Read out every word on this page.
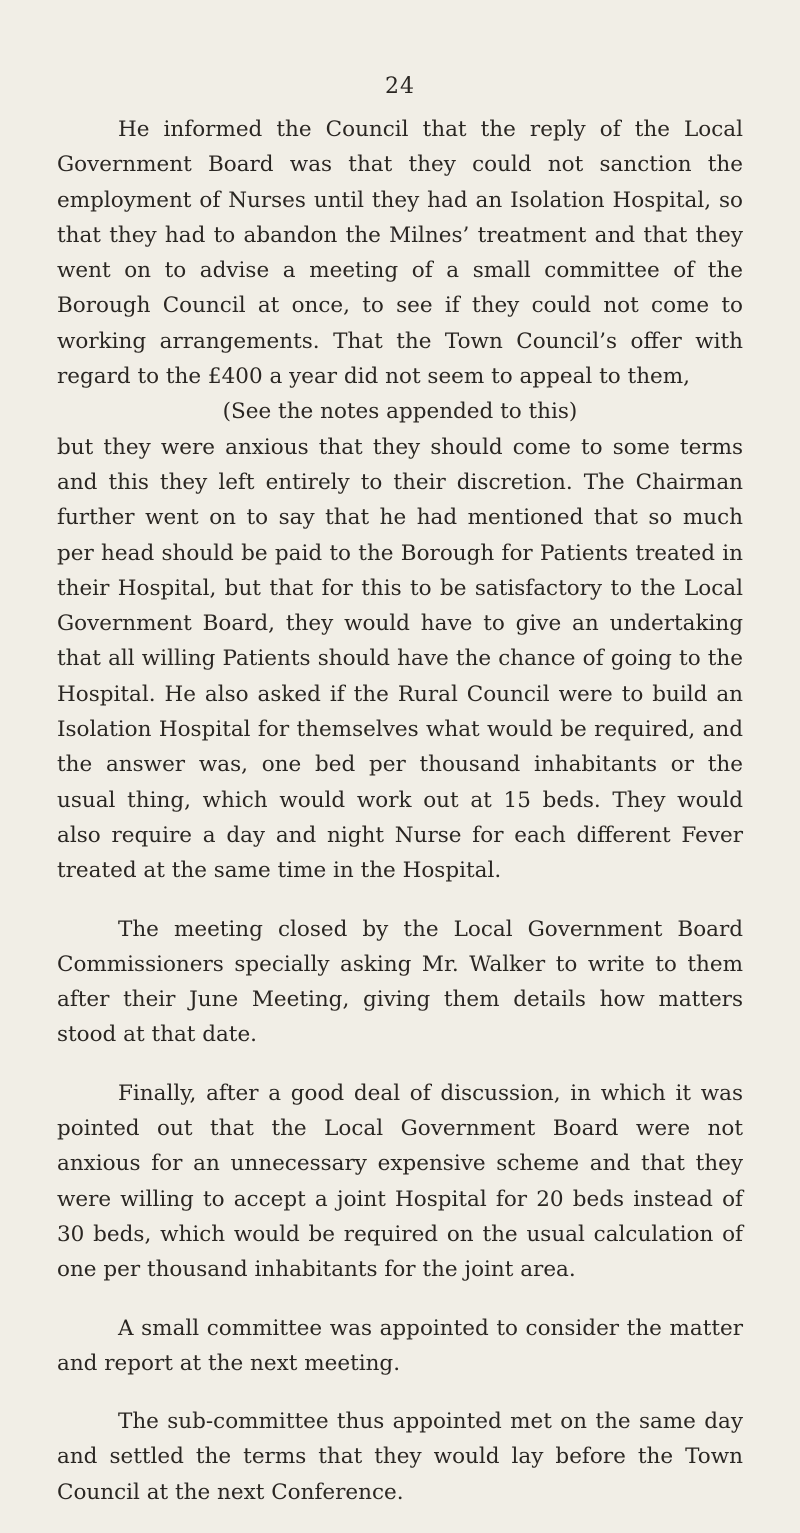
24

He informed the Council that the reply of the Local Government Board was that they could not sanction the employment of Nurses until they had an Isolation Hospital, so that they had to abandon the Milnes’ treatment and that they went on to advise a meeting of a small committee of the Borough Council at once, to see if they could not come to working arrangements. That the Town Council’s offer with regard to the £400 a year did not seem to appeal to them,

(See the notes appended to this)

but they were anxious that they should come to some terms and this they left entirely to their discretion. The Chairman further went on to say that he had mentioned that so much per head should be paid to the Borough for Patients treated in their Hospital, but that for this to be satisfactory to the Local Government Board, they would have to give an undertaking that all willing Patients should have the chance of going to the Hospital. He also asked if the Rural Council were to build an Isolation Hospital for themselves what would be required, and the answer was, one bed per thousand inhabitants or the usual thing, which would work out at 15 beds. They would also require a day and night Nurse for each different Fever treated at the same time in the Hospital.

The meeting closed by the Local Government Board Commissioners specially asking Mr. Walker to write to them after their June Meeting, giving them details how matters stood at that date.

Finally, after a good deal of discussion, in which it was pointed out that the Local Government Board were not anxious for an unnecessary expensive scheme and that they were willing to accept a joint Hospital for 20 beds instead of 30 beds, which would be required on the usual calculation of one per thousand inhabitants for the joint area.

A small committee was appointed to consider the matter and report at the next meeting.

The sub-committee thus appointed met on the same day and settled the terms that they would lay before the Town Council at the next Conference.
